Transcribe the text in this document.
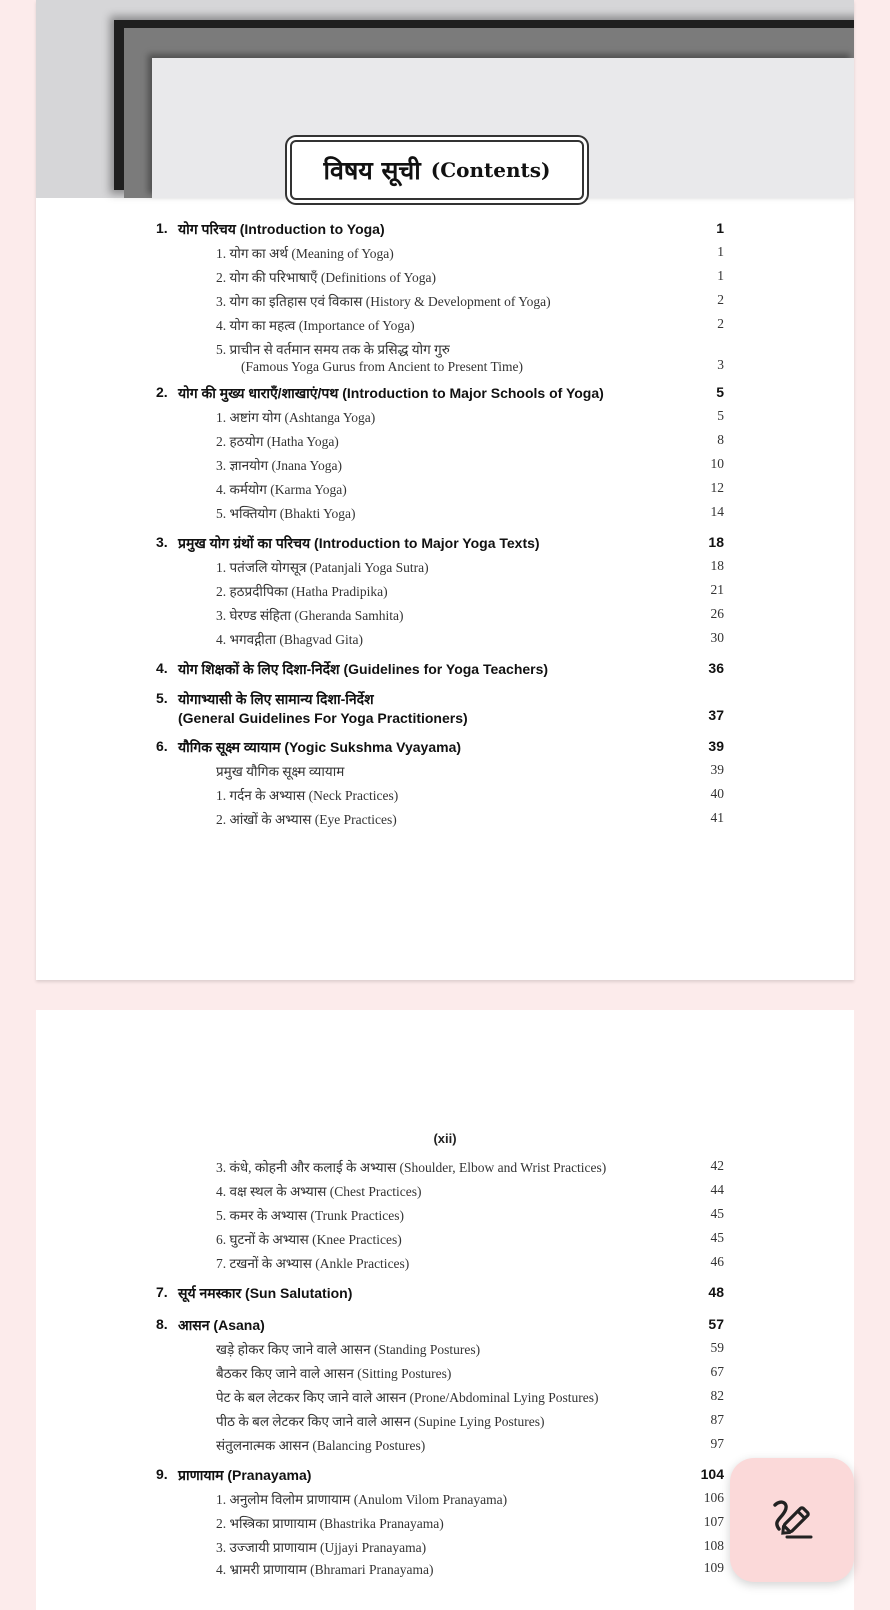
विषय सूची (Contents)
1. योग परिचय (Introduction to Yoga)	1
1. योग का अर्थ (Meaning of Yoga)	1
2. योग की परिभाषाएँ (Definitions of Yoga)	1
3. योग का इतिहास एवं विकास (History & Development of Yoga)	2
4. योग का महत्व (Importance of Yoga)	2
5. प्राचीन से वर्तमान समय तक के प्रसिद्ध योग गुरु
(Famous Yoga Gurus from Ancient to Present Time)	3
2. योग की मुख्य धाराएँ/शाखाएं/पथ (Introduction to Major Schools of Yoga)	5
1. अष्टांग योग (Ashtanga Yoga)	5
2. हठयोग (Hatha Yoga)	8
3. ज्ञानयोग (Jnana Yoga)	10
4. कर्मयोग (Karma Yoga)	12
5. भक्तियोग (Bhakti Yoga)	14
3. प्रमुख योग ग्रंथों का परिचय (Introduction to Major Yoga Texts)	18
1. पतंजलि योगसूत्र (Patanjali Yoga Sutra)	18
2. हठप्रदीपिका (Hatha Pradipika)	21
3. घेरण्ड संहिता (Gheranda Samhita)	26
4. भगवद्गीता (Bhagvad Gita)	30
4. योग शिक्षकों के लिए दिशा-निर्देश (Guidelines for Yoga Teachers)	36
5. योगाभ्यासी के लिए सामान्य दिशा-निर्देश
(General Guidelines For Yoga Practitioners)	37
6. यौगिक सूक्ष्म व्यायाम (Yogic Sukshma Vyayama)	39
प्रमुख यौगिक सूक्ष्म व्यायाम	39
1. गर्दन के अभ्यास (Neck Practices)	40
2. आंखों के अभ्यास (Eye Practices)	41
(xii)
3. कंधे, कोहनी और कलाई के अभ्यास (Shoulder, Elbow and Wrist Practices)	42
4. वक्ष स्थल के अभ्यास (Chest Practices)	44
5. कमर के अभ्यास (Trunk Practices)	45
6. घुटनों के अभ्यास (Knee Practices)	45
7. टखनों के अभ्यास (Ankle Practices)	46
7. सूर्य नमस्कार (Sun Salutation)	48
8. आसन (Asana)	57
खड़े होकर किए जाने वाले आसन (Standing Postures)	59
बैठकर किए जाने वाले आसन (Sitting Postures)	67
पेट के बल लेटकर किए जाने वाले आसन (Prone/Abdominal Lying Postures)	82
पीठ के बल लेटकर किए जाने वाले आसन (Supine Lying Postures)	87
संतुलनात्मक आसन (Balancing Postures)	97
9. प्राणायाम (Pranayama)	104
1. अनुलोम विलोम प्राणायाम (Anulom Vilom Pranayama)	106
2. भस्त्रिका प्राणायाम (Bhastrika Pranayama)	107
3. उज्जायी प्राणायाम (Ujjayi Pranayama)	108
4. भ्रामरी प्राणायाम (Bhramari Pranayama)	109
